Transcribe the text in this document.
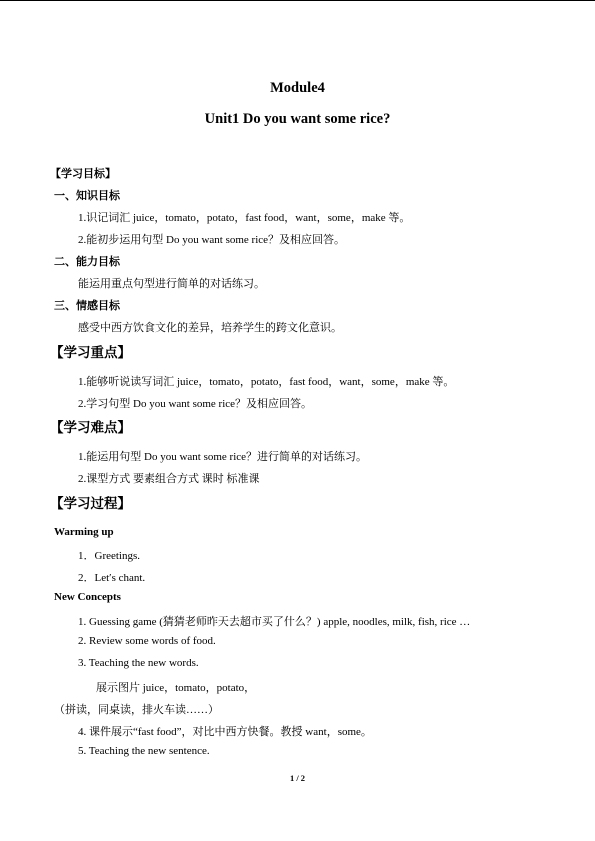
Module4
Unit1 Do you want some rice?
【学习目标】
一、知识目标
1.识记词汇 juice，tomato，potato，fast food，want，some，make 等。
2.能初步运用句型 Do you want some rice？及相应回答。
二、能力目标
能运用重点句型进行简单的对话练习。
三、情感目标
感受中西方饮食文化的差异，培养学生的跨文化意识。
【学习重点】
1.能够听说读写词汇 juice，tomato，potato，fast food，want，some，make 等。
2.学习句型 Do you want some rice？及相应回答。
【学习难点】
1.能运用句型 Do you want some rice？进行简单的对话练习。
2.课型方式 要素组合方式 课时 标准课
【学习过程】
Warming up
1．Greetings.
2．Let′s chant.
New Concepts
1. Guessing game (猜猜老师昨天去超市买了什么？) apple, noodles, milk, fish, rice …
2. Review some words of food.
3. Teaching the new words.
展示图片 juice，tomato，potato，
（拼读，同桌读，排火车读……）
4. 课件展示“fast food”，对比中西方快餐。教授 want，some。
5. Teaching the new sentence.
1 / 2
